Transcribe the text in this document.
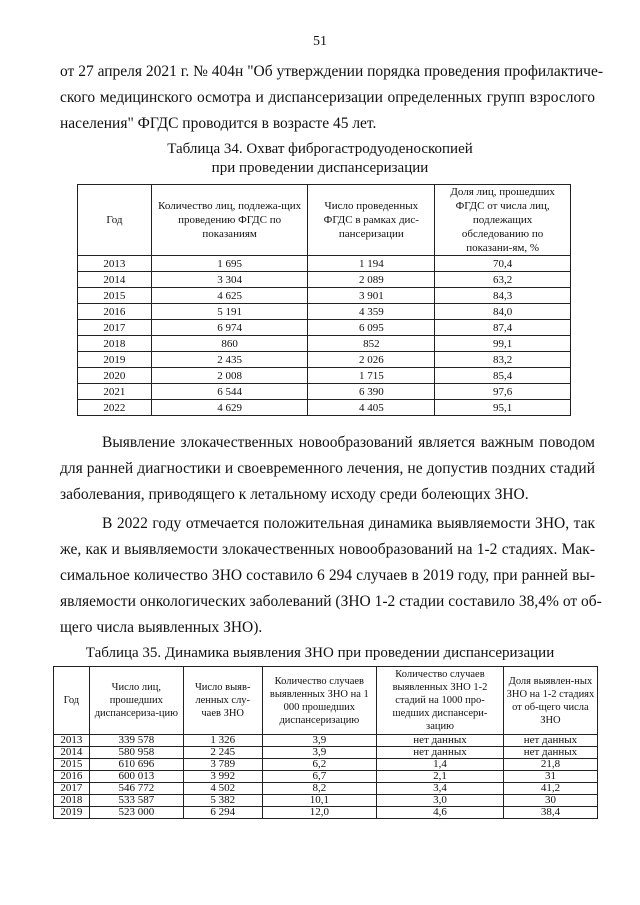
51
от 27 апреля 2021 г. № 404н "Об утверждении порядка проведения профилактиче-
ского медицинского осмотра и диспансеризации определенных групп взрослого
населения" ФГДС проводится в возрасте 45 лет.
Таблица 34. Охват фиброгастродуоденоскопией
при проведении диспансеризации
Год	Количество лиц, подлежа-щих проведению ФГДС по показаниям	Число проведенных ФГДС в рамках дис-пансеризации	Доля лиц, прошедших ФГДС от числа лиц, подлежащих обследованию по показани-ям, %
2013	1 695	1 194	70,4
2014	3 304	2 089	63,2
2015	4 625	3 901	84,3
2016	5 191	4 359	84,0
2017	6 974	6 095	87,4
2018	860	852	99,1
2019	2 435	2 026	83,2
2020	2 008	1 715	85,4
2021	6 544	6 390	97,6
2022	4 629	4 405	95,1
Выявление злокачественных новообразований является важным поводом
для ранней диагностики и своевременного лечения, не допустив поздних стадий
заболевания, приводящего к летальному исходу среди болеющих ЗНО.
В 2022 году отмечается положительная динамика выявляемости ЗНО, так
же, как и выявляемости злокачественных новообразований на 1-2 стадиях. Мак-
симальное количество ЗНО составило 6 294 случаев в 2019 году, при ранней вы-
являемости онкологических заболеваний (ЗНО 1-2 стадии составило 38,4% от об-
щего числа выявленных ЗНО).
Таблица 35. Динамика выявления ЗНО при проведении диспансеризации
Год	Число лиц, прошедших диспансериза-цию	Число выяв-ленных слу-чаев ЗНО	Количество случаев выявленных ЗНО на 1 000 прошедших диспансеризацию	Количество случаев выявленных ЗНО 1-2 стадий на 1000 про-шедших диспансери-зацию	Доля выявлен-ных ЗНО на 1-2 стадиях от об-щего числа ЗНО
2013	339 578	1 326	3,9	нет данных	нет данных
2014	580 958	2 245	3,9	нет данных	нет данных
2015	610 696	3 789	6,2	1,4	21,8
2016	600 013	3 992	6,7	2,1	31
2017	546 772	4 502	8,2	3,4	41,2
2018	533 587	5 382	10,1	3,0	30
2019	523 000	6 294	12,0	4,6	38,4
